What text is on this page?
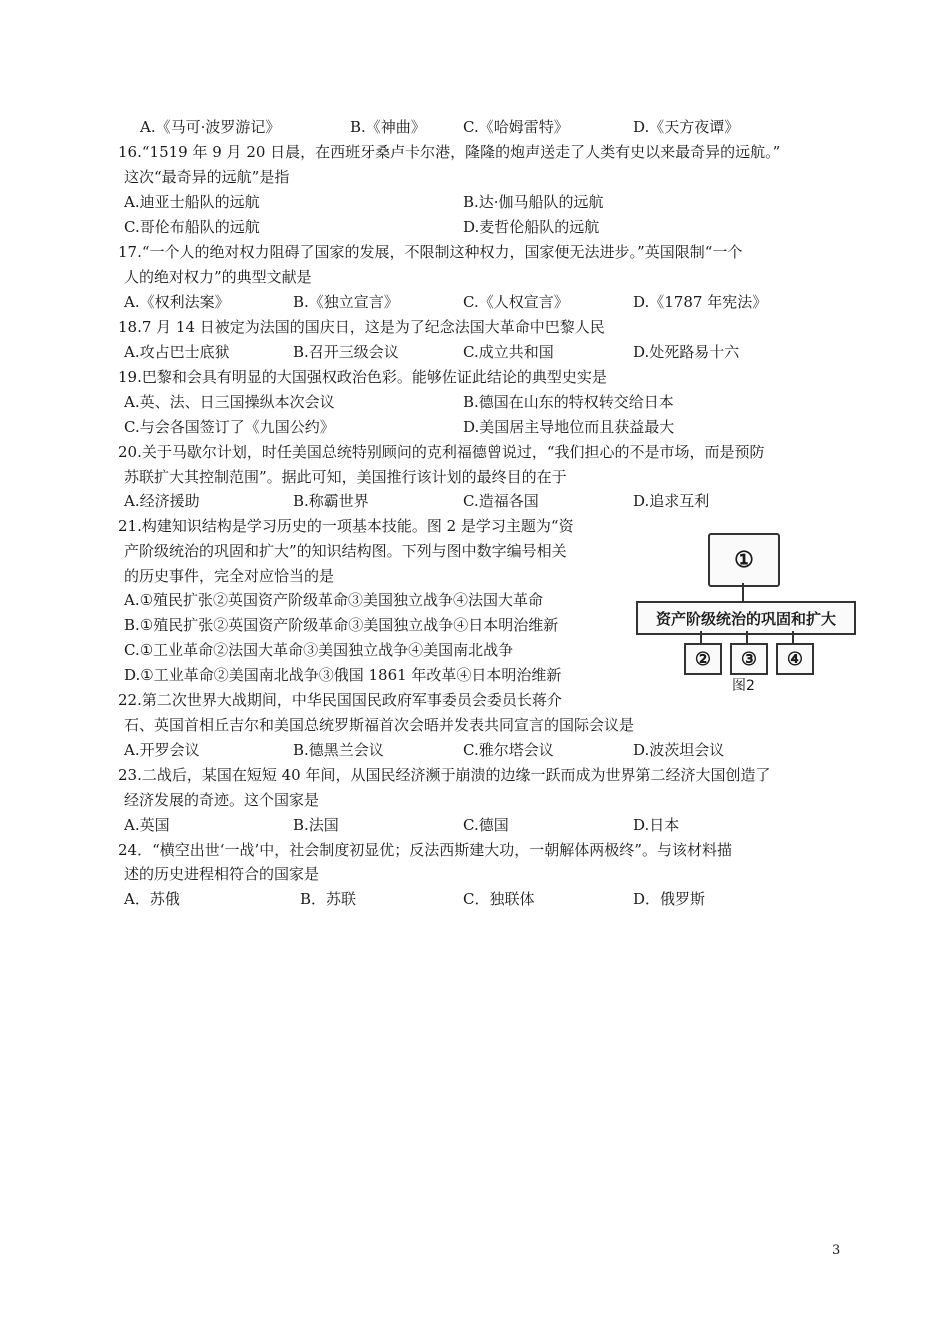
A.《马可·波罗游记》	B.《神曲》 C.《哈姆雷特》	D.《天方夜谭》
16.“1519 年 9 月 20 日晨，在西班牙桑卢卡尔港，隆隆的炮声送走了人类有史以来最奇异的远航。”
这次“最奇异的远航”是指
A.迪亚士船队的远航	B.达·伽马船队的远航
C.哥伦布船队的远航	D.麦哲伦船队的远航
17.“一个人的绝对权力阻碍了国家的发展，不限制这种权力，国家便无法进步。”英国限制“一个
人的绝对权力”的典型文献是
A.《权利法案》	B.《独立宣言》	C.《人权宣言》	D.《1787 年宪法》
18.7 月 14 日被定为法国的国庆日，这是为了纪念法国大革命中巴黎人民
A.攻占巴士底狱	B.召开三级会议	C.成立共和国	D.处死路易十六
19.巴黎和会具有明显的大国强权政治色彩。能够佐证此结论的典型史实是
A.英、法、日三国操纵本次会议	B.德国在山东的特权转交给日本
C.与会各国签订了《九国公约》	D.美国居主导地位而且获益最大
20.关于马歇尔计划，时任美国总统特别顾问的克利福德曾说过，“我们担心的不是市场，而是预防
苏联扩大其控制范围”。据此可知，美国推行该计划的最终目的在于
A.经济援助	B.称霸世界	C.造福各国	D.追求互利
21.构建知识结构是学习历史的一项基本技能。图 2 是学习主题为“资
产阶级统治的巩固和扩大”的知识结构图。下列与图中数字编号相关
的历史事件，完全对应恰当的是
A.①殖民扩张②英国资产阶级革命③美国独立战争④法国大革命
B.①殖民扩张②英国资产阶级革命③美国独立战争④日本明治维新
C.①工业革命②法国大革命③美国独立战争④美国南北战争
D.①工业革命②美国南北战争③俄国 1861 年改革④日本明治维新
①
资产阶级统治的巩固和扩大
②	③	④
图2
22.第二次世界大战期间，中华民国国民政府军事委员会委员长蒋介
石、英国首相丘吉尔和美国总统罗斯福首次会晤并发表共同宣言的国际会议是
A.开罗会议	B.德黑兰会议	C.雅尔塔会议	D.波茨坦会议
23.二战后，某国在短短 40 年间，从国民经济濒于崩溃的边缘一跃而成为世界第二经济大国创造了
经济发展的奇迹。这个国家是
A.英国	B.法国	C.德国	D.日本
24．“横空出世‘一战’中，社会制度初显优；反法西斯建大功，一朝解体两极终”。与该材料描
述的历史进程相符合的国家是
A．苏俄	B．苏联	C．独联体	D．俄罗斯
3
